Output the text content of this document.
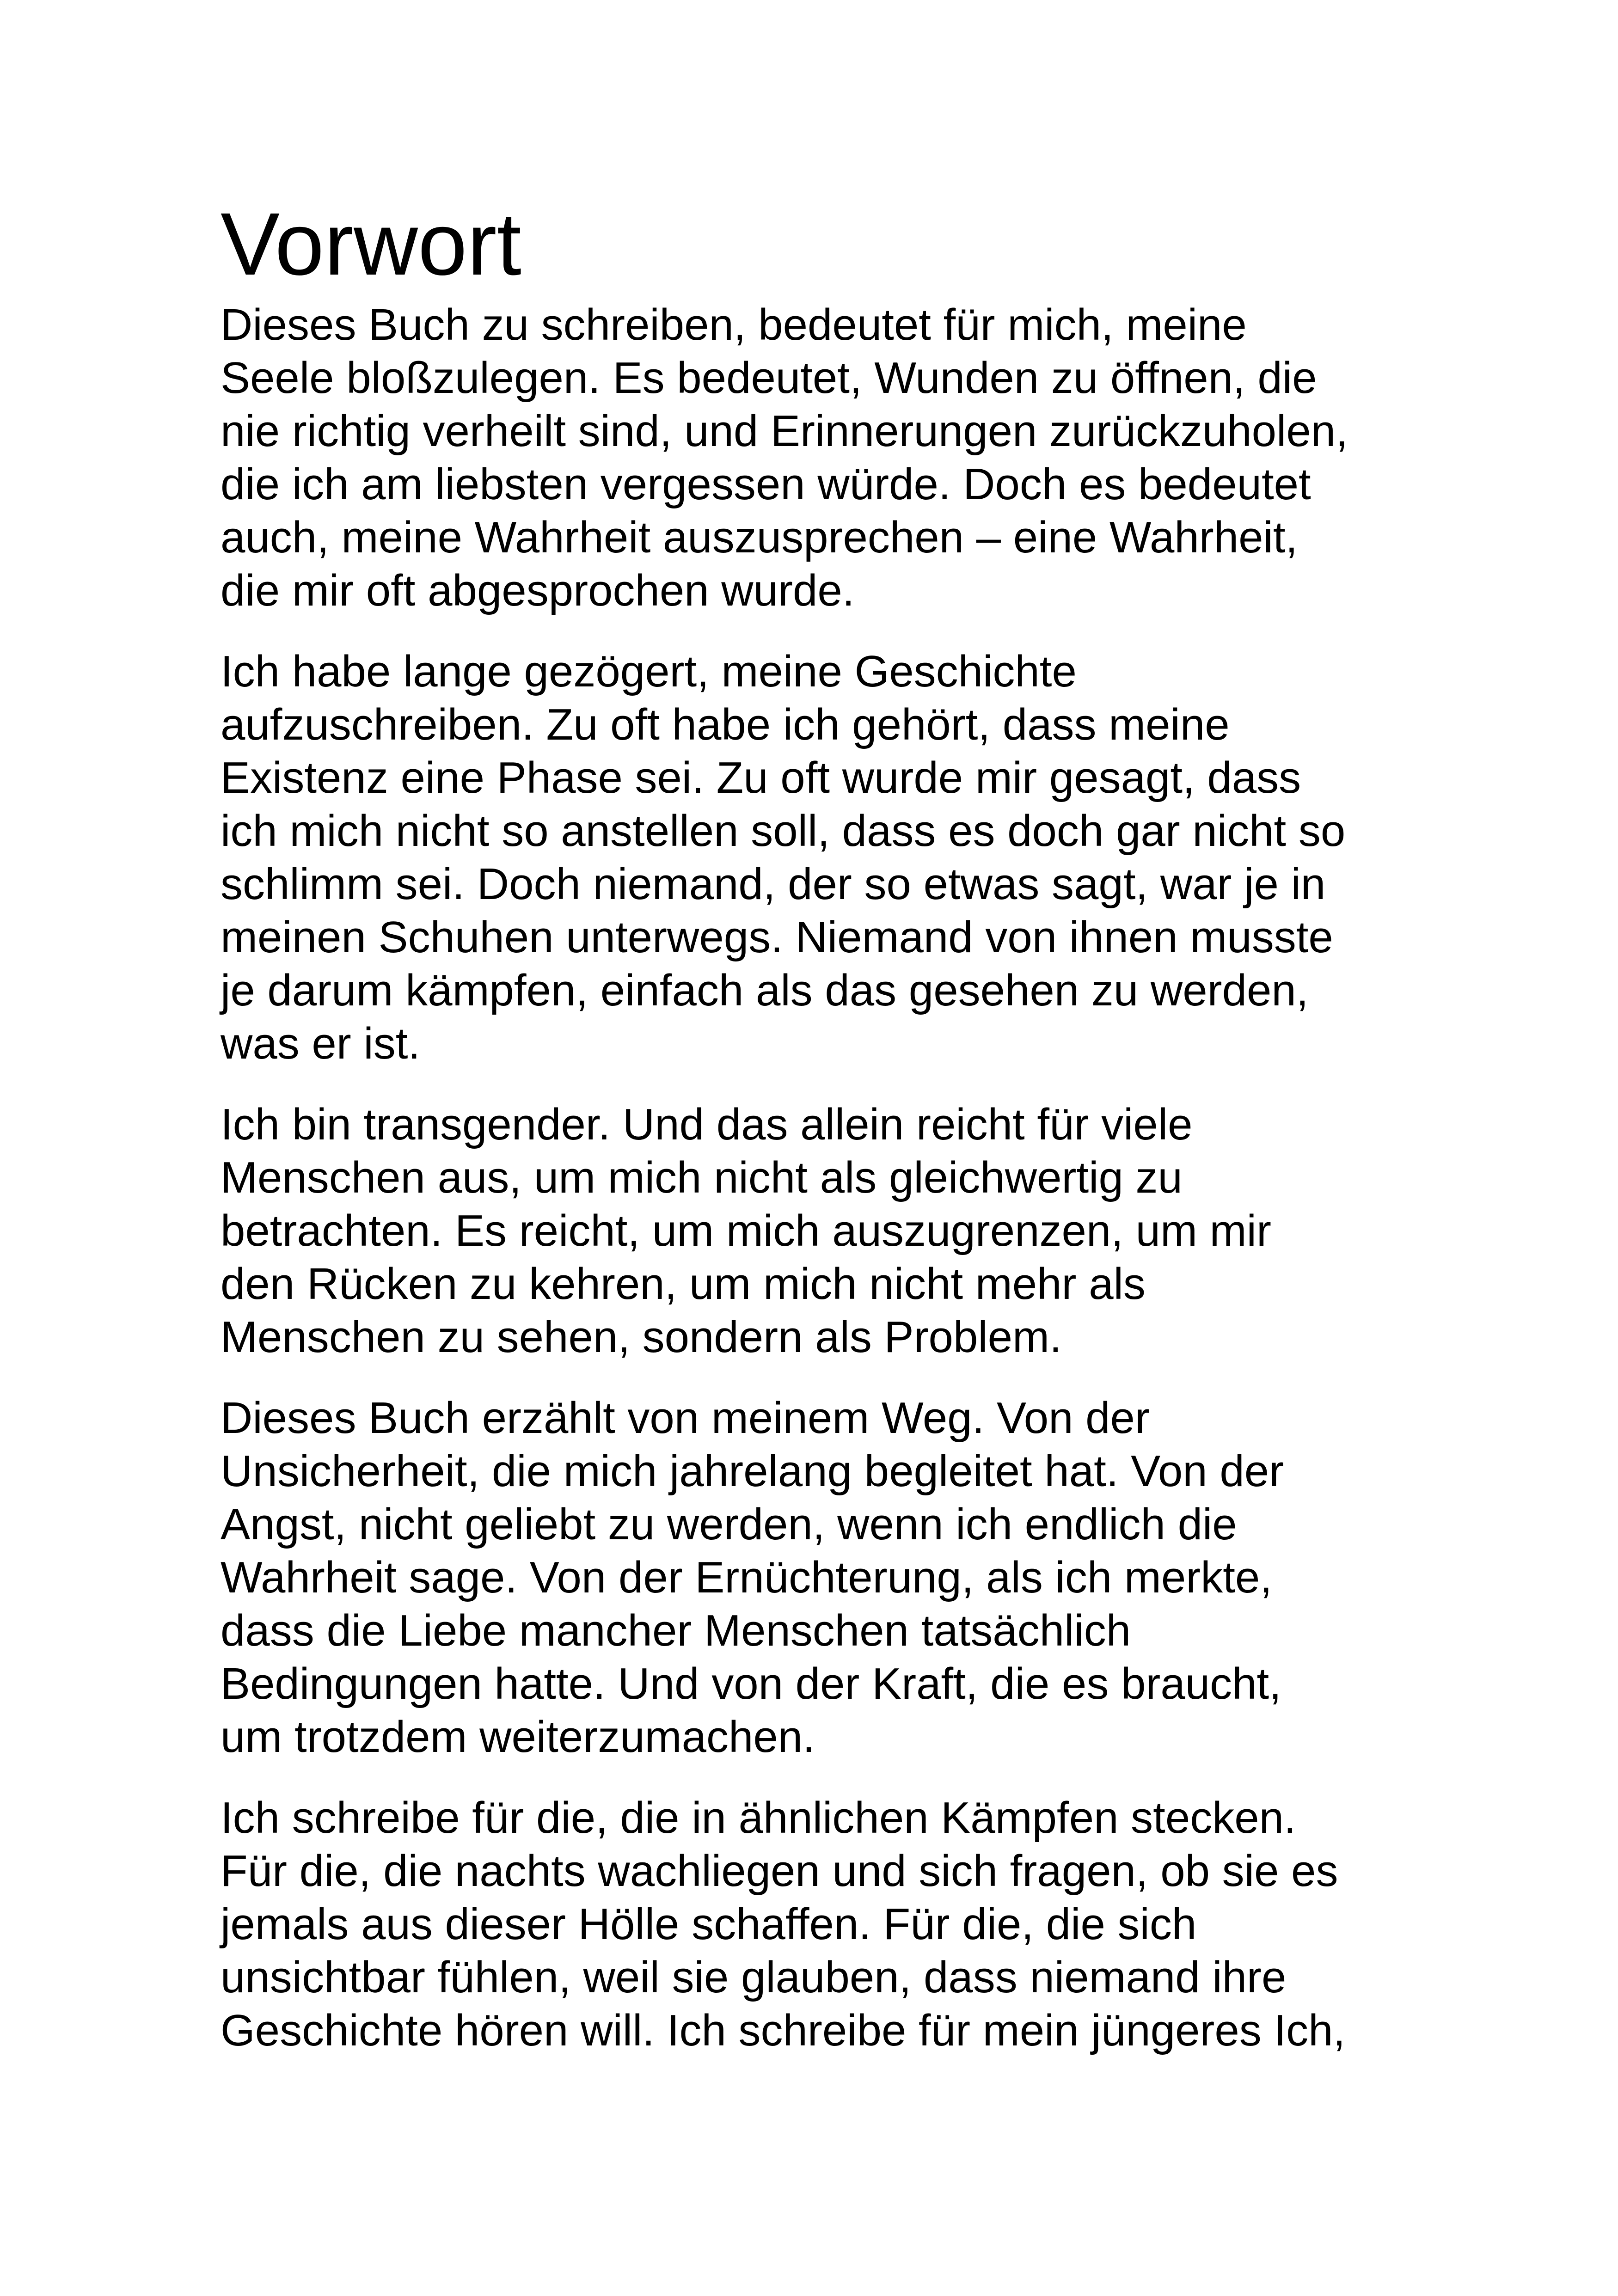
Vorwort

Dieses Buch zu schreiben, bedeutet für mich, meine
Seele bloßzulegen. Es bedeutet, Wunden zu öffnen, die
nie richtig verheilt sind, und Erinnerungen zurückzuholen,
die ich am liebsten vergessen würde. Doch es bedeutet
auch, meine Wahrheit auszusprechen – eine Wahrheit,
die mir oft abgesprochen wurde.

Ich habe lange gezögert, meine Geschichte
aufzuschreiben. Zu oft habe ich gehört, dass meine
Existenz eine Phase sei. Zu oft wurde mir gesagt, dass
ich mich nicht so anstellen soll, dass es doch gar nicht so
schlimm sei. Doch niemand, der so etwas sagt, war je in
meinen Schuhen unterwegs. Niemand von ihnen musste
je darum kämpfen, einfach als das gesehen zu werden,
was er ist.

Ich bin transgender. Und das allein reicht für viele
Menschen aus, um mich nicht als gleichwertig zu
betrachten. Es reicht, um mich auszugrenzen, um mir
den Rücken zu kehren, um mich nicht mehr als
Menschen zu sehen, sondern als Problem.

Dieses Buch erzählt von meinem Weg. Von der
Unsicherheit, die mich jahrelang begleitet hat. Von der
Angst, nicht geliebt zu werden, wenn ich endlich die
Wahrheit sage. Von der Ernüchterung, als ich merkte,
dass die Liebe mancher Menschen tatsächlich
Bedingungen hatte. Und von der Kraft, die es braucht,
um trotzdem weiterzumachen.

Ich schreibe für die, die in ähnlichen Kämpfen stecken.
Für die, die nachts wachliegen und sich fragen, ob sie es
jemals aus dieser Hölle schaffen. Für die, die sich
unsichtbar fühlen, weil sie glauben, dass niemand ihre
Geschichte hören will. Ich schreibe für mein jüngeres Ich,
